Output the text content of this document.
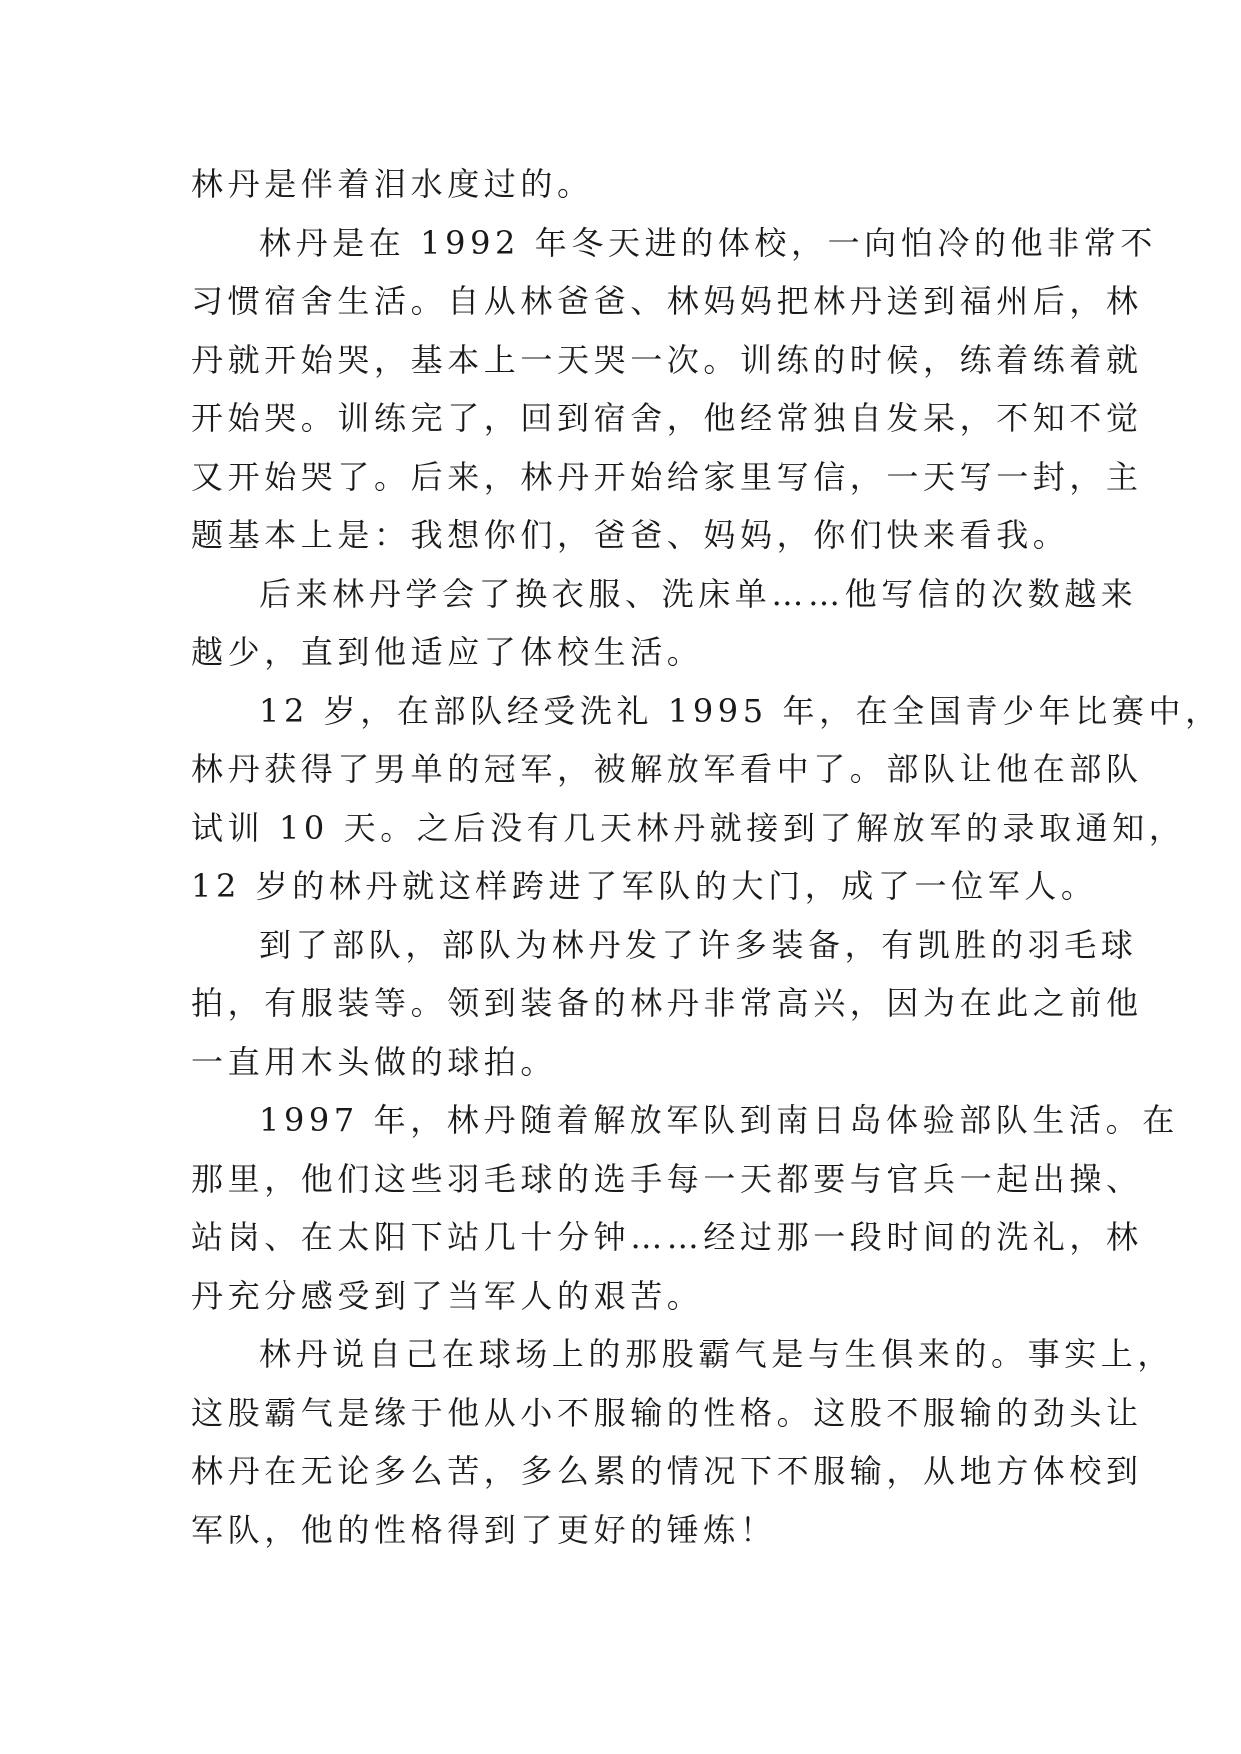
林丹是伴着泪水度过的。
林丹是在 1992 年冬天进的体校，一向怕冷的他非常不
习惯宿舍生活。自从林爸爸、林妈妈把林丹送到福州后，林
丹就开始哭，基本上一天哭一次。训练的时候，练着练着就
开始哭。训练完了，回到宿舍，他经常独自发呆，不知不觉
又开始哭了。后来，林丹开始给家里写信，一天写一封，主
题基本上是：我想你们，爸爸、妈妈，你们快来看我。
后来林丹学会了换衣服、洗床单……他写信的次数越来
越少，直到他适应了体校生活。
12 岁，在部队经受洗礼 1995 年，在全国青少年比赛中，
林丹获得了男单的冠军，被解放军看中了。部队让他在部队
试训 10 天。之后没有几天林丹就接到了解放军的录取通知，
12 岁的林丹就这样跨进了军队的大门，成了一位军人。
到了部队，部队为林丹发了许多装备，有凯胜的羽毛球
拍，有服装等。领到装备的林丹非常高兴，因为在此之前他
一直用木头做的球拍。
1997 年，林丹随着解放军队到南日岛体验部队生活。在
那里，他们这些羽毛球的选手每一天都要与官兵一起出操、
站岗、在太阳下站几十分钟……经过那一段时间的洗礼，林
丹充分感受到了当军人的艰苦。
林丹说自己在球场上的那股霸气是与生俱来的。事实上，
这股霸气是缘于他从小不服输的性格。这股不服输的劲头让
林丹在无论多么苦，多么累的情况下不服输，从地方体校到
军队，他的性格得到了更好的锤炼！
